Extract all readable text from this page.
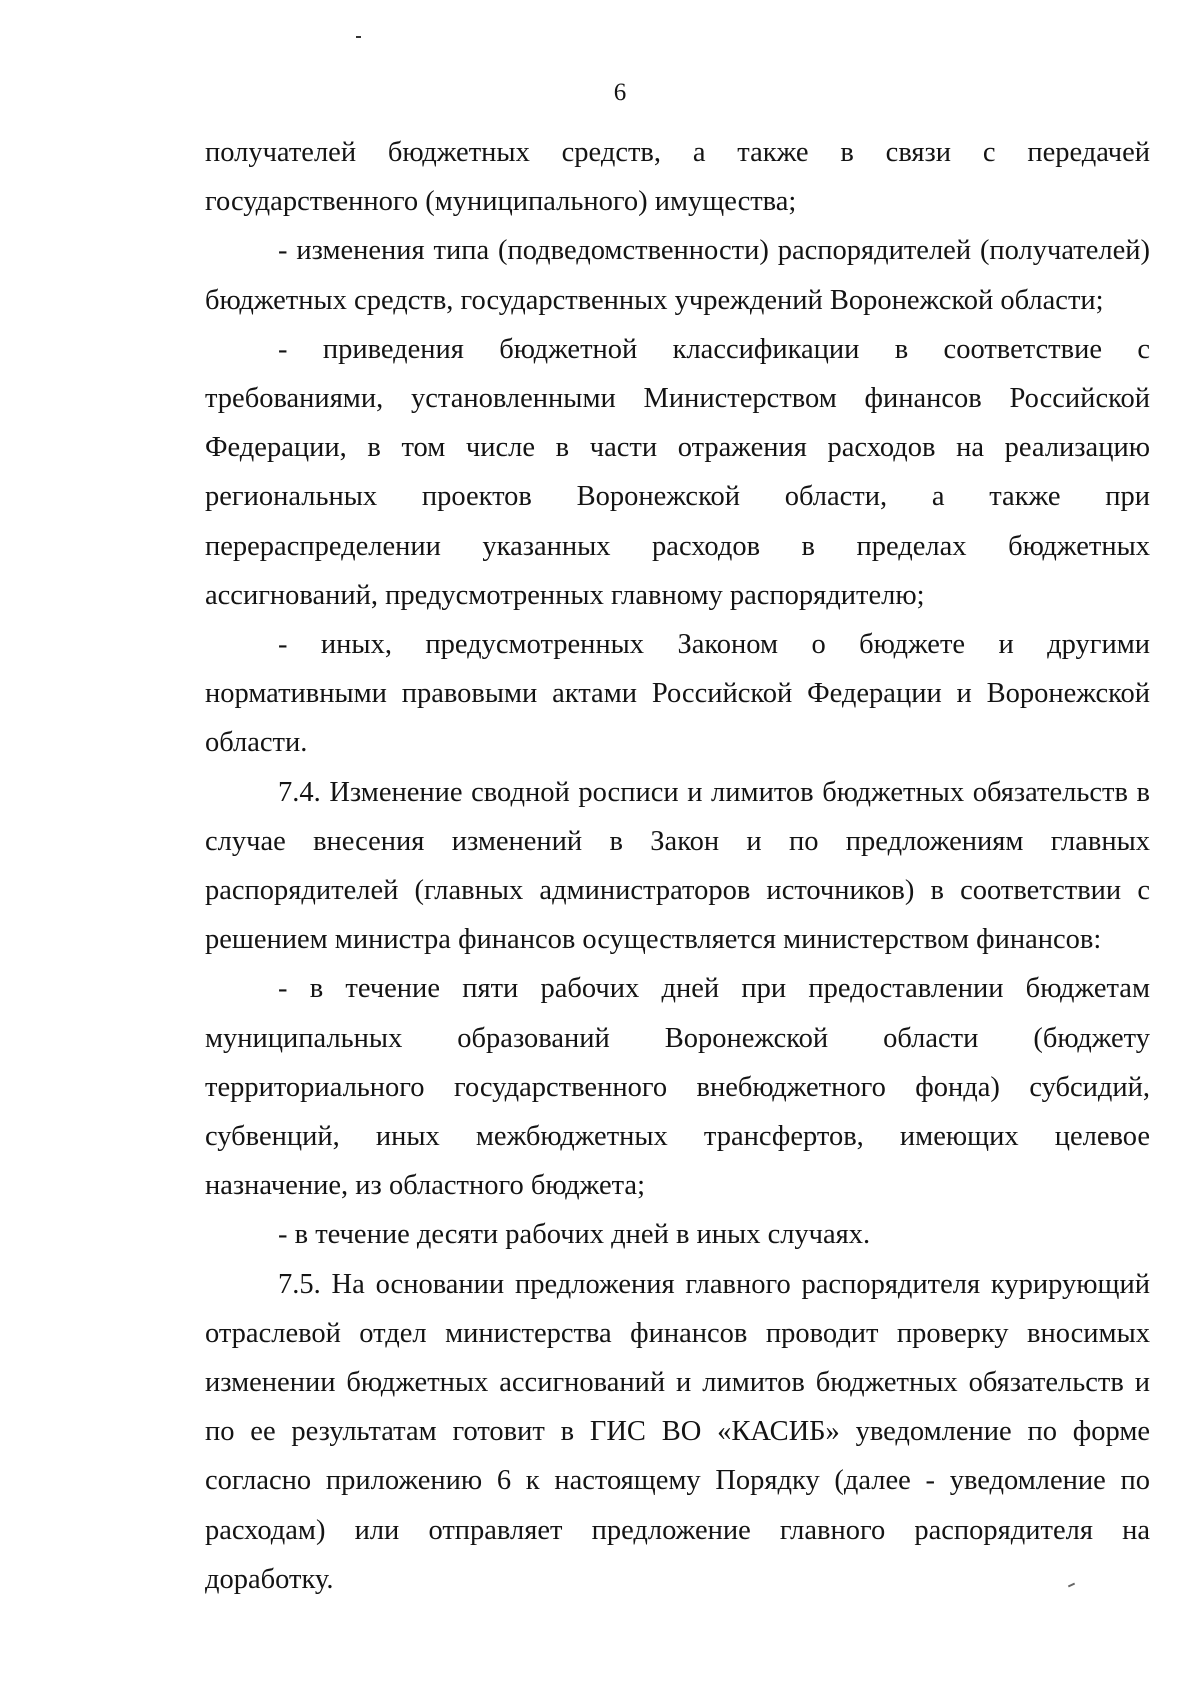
6

получателей бюджетных средств, а также в связи с передачей государственного (муниципального) имущества;

- изменения типа (подведомственности) распорядителей (получателей) бюджетных средств, государственных учреждений Воронежской области;

- приведения бюджетной классификации в соответствие с требованиями, установленными Министерством финансов Российской Федерации, в том числе в части отражения расходов на реализацию региональных проектов Воронежской области, а также при перераспределении указанных расходов в пределах бюджетных ассигнований, предусмотренных главному распорядителю;

- иных, предусмотренных Законом о бюджете и другими нормативными правовыми актами Российской Федерации и Воронежской области.

7.4. Изменение сводной росписи и лимитов бюджетных обязательств в случае внесения изменений в Закон и по предложениям главных распорядителей (главных администраторов источников) в соответствии с решением министра финансов осуществляется министерством финансов:

- в течение пяти рабочих дней при предоставлении бюджетам муниципальных образований Воронежской области (бюджету территориального государственного внебюджетного фонда) субсидий, субвенций, иных межбюджетных трансфертов, имеющих целевое назначение, из областного бюджета;

- в течение десяти рабочих дней в иных случаях.

7.5. На основании предложения главного распорядителя курирующий отраслевой отдел министерства финансов проводит проверку вносимых изменении бюджетных ассигнований и лимитов бюджетных обязательств и по ее результатам готовит в ГИС ВО «КАСИБ» уведомление по форме согласно приложению 6 к настоящему Порядку (далее - уведомление по расходам) или отправляет предложение главного распорядителя на доработку.
